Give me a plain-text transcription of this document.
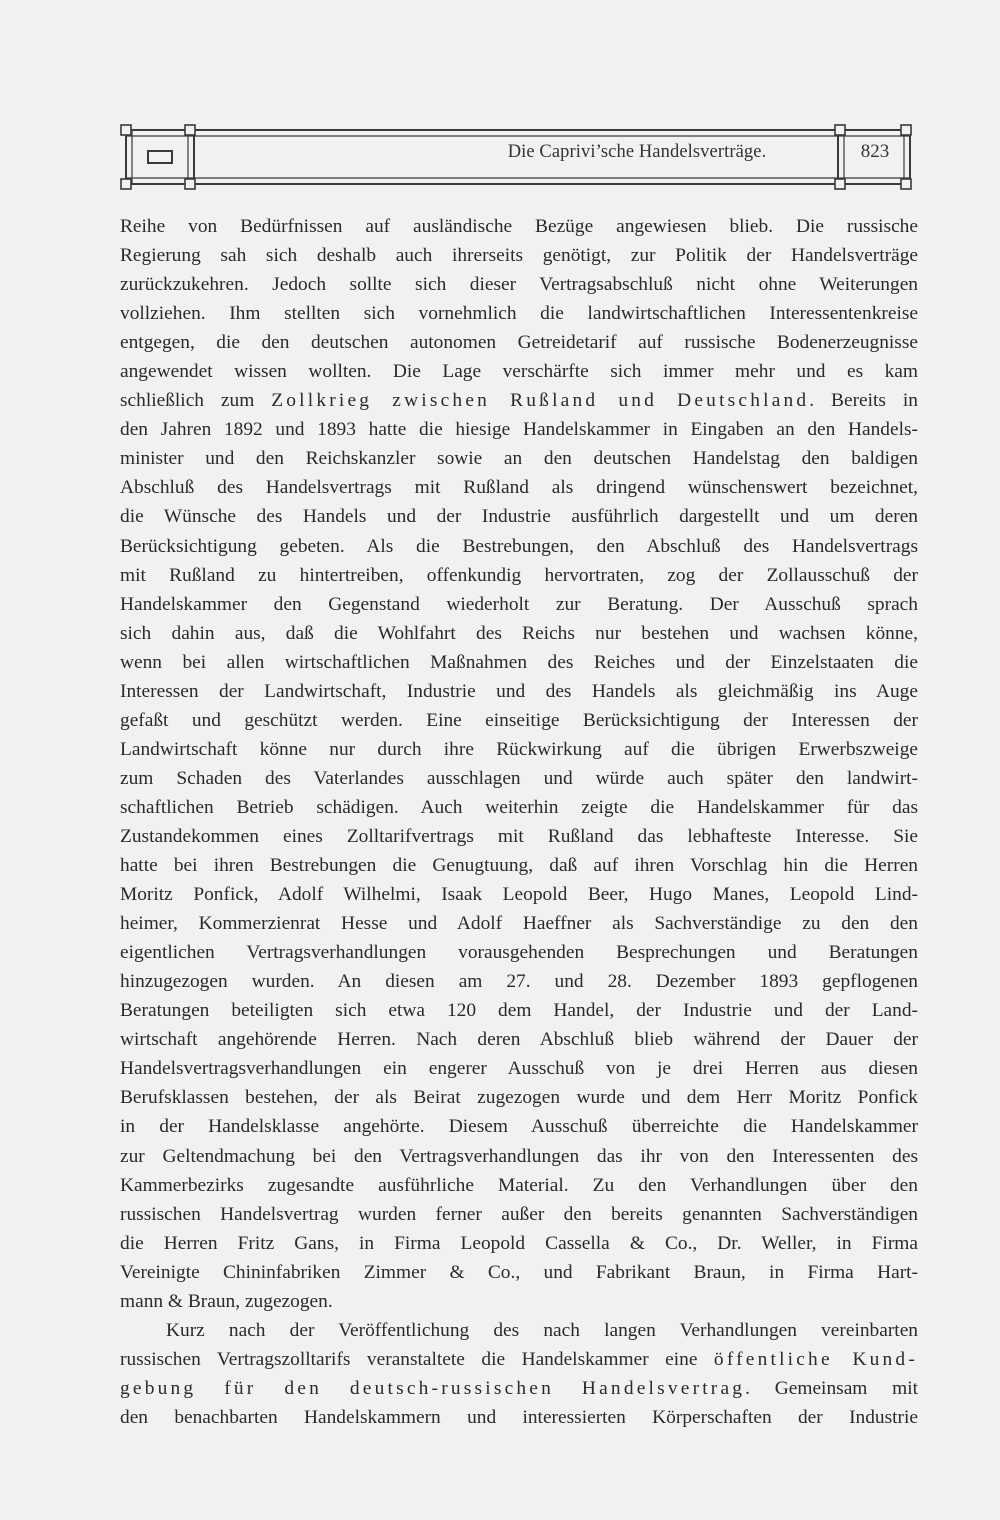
Die Caprivi’sche Handelsverträge.	823
Reihe von Bedürfnissen auf ausländische Bezüge angewiesen blieb. Die russische
Regierung sah sich deshalb auch ihrerseits genötigt, zur Politik der Handelsverträge
zurückzukehren. Jedoch sollte sich dieser Vertragsabschluß nicht ohne Weiterungen
vollziehen. Ihm stellten sich vornehmlich die landwirtschaftlichen Interessentenkreise
entgegen, die den deutschen autonomen Getreidetarif auf russische Bodenerzeugnisse
angewendet wissen wollten. Die Lage verschärfte sich immer mehr und es kam
schließlich zum Zollkrieg zwischen Rußland und Deutschland. Bereits in
den Jahren 1892 und 1893 hatte die hiesige Handelskammer in Eingaben an den Handels-
minister und den Reichskanzler sowie an den deutschen Handelstag den baldigen
Abschluß des Handelsvertrags mit Rußland als dringend wünschenswert bezeichnet,
die Wünsche des Handels und der Industrie ausführlich dargestellt und um deren
Berücksichtigung gebeten. Als die Bestrebungen, den Abschluß des Handelsvertrags
mit Rußland zu hintertreiben, offenkundig hervortraten, zog der Zollausschuß der
Handelskammer den Gegenstand wiederholt zur Beratung. Der Ausschuß sprach
sich dahin aus, daß die Wohlfahrt des Reichs nur bestehen und wachsen könne,
wenn bei allen wirtschaftlichen Maßnahmen des Reiches und der Einzelstaaten die
Interessen der Landwirtschaft, Industrie und des Handels als gleichmäßig ins Auge
gefaßt und geschützt werden. Eine einseitige Berücksichtigung der Interessen der
Landwirtschaft könne nur durch ihre Rückwirkung auf die übrigen Erwerbszweige
zum Schaden des Vaterlandes ausschlagen und würde auch später den landwirt-
schaftlichen Betrieb schädigen. Auch weiterhin zeigte die Handelskammer für das
Zustandekommen eines Zolltarifvertrags mit Rußland das lebhafteste Interesse. Sie
hatte bei ihren Bestrebungen die Genugtuung, daß auf ihren Vorschlag hin die Herren
Moritz Ponfick, Adolf Wilhelmi, Isaak Leopold Beer, Hugo Manes, Leopold Lind-
heimer, Kommerzienrat Hesse und Adolf Haeffner als Sachverständige zu den den
eigentlichen Vertragsverhandlungen vorausgehenden Besprechungen und Beratungen
hinzugezogen wurden. An diesen am 27. und 28. Dezember 1893 gepflogenen
Beratungen beteiligten sich etwa 120 dem Handel, der Industrie und der Land-
wirtschaft angehörende Herren. Nach deren Abschluß blieb während der Dauer der
Handelsvertragsverhandlungen ein engerer Ausschuß von je drei Herren aus diesen
Berufsklassen bestehen, der als Beirat zugezogen wurde und dem Herr Moritz Ponfick
in der Handelsklasse angehörte. Diesem Ausschuß überreichte die Handelskammer
zur Geltendmachung bei den Vertragsverhandlungen das ihr von den Interessenten des
Kammerbezirks zugesandte ausführliche Material. Zu den Verhandlungen über den
russischen Handelsvertrag wurden ferner außer den bereits genannten Sachverständigen
die Herren Fritz Gans, in Firma Leopold Cassella & Co., Dr. Weller, in Firma
Vereinigte Chininfabriken Zimmer & Co., und Fabrikant Braun, in Firma Hart-
mann & Braun, zugezogen.
Kurz nach der Veröffentlichung des nach langen Verhandlungen vereinbarten
russischen Vertragszolltarifs veranstaltete die Handelskammer eine öffentliche Kund-
gebung für den deutsch-russischen Handelsvertrag. Gemeinsam mit
den benachbarten Handelskammern und interessierten Körperschaften der Industrie
